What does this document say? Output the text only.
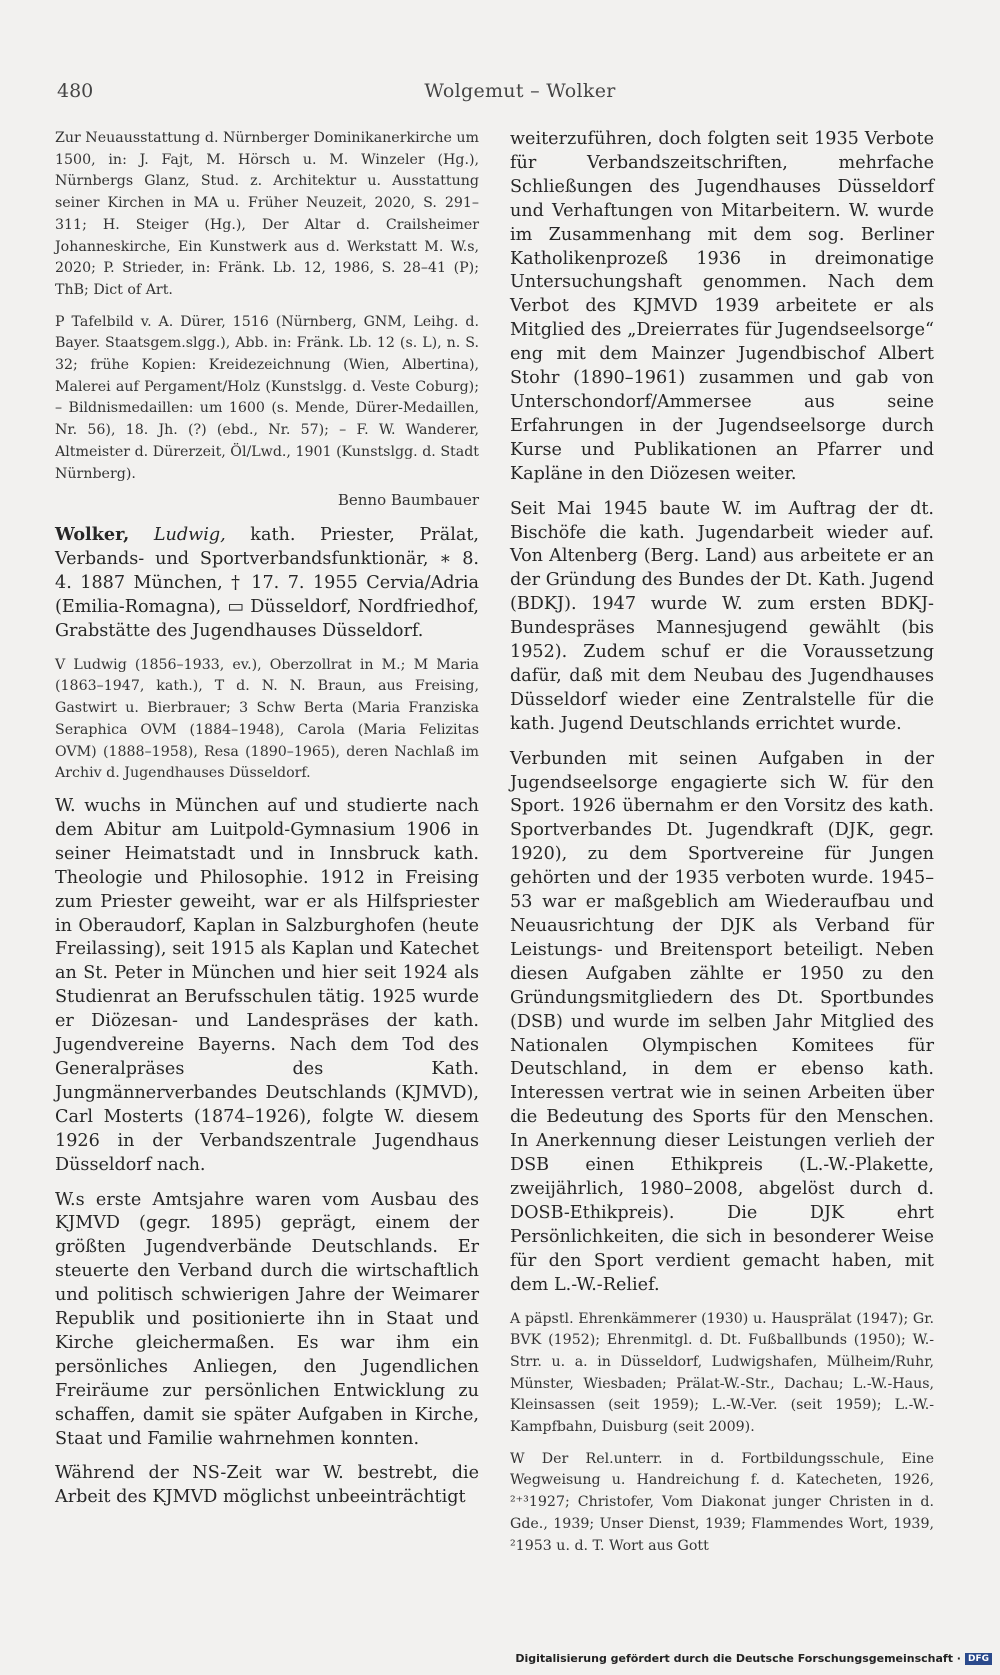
480	Wolgemut – Wolker

Zur Neuausstattung d. Nürnberger Dominikanerkirche um 1500, in: J. Fajt, M. Hörsch u. M. Winzeler (Hg.), Nürnbergs Glanz, Stud. z. Architektur u. Ausstattung seiner Kirchen in MA u. Früher Neuzeit, 2020, S. 291–311; H. Steiger (Hg.), Der Altar d. Crailsheimer Johanneskirche, Ein Kunstwerk aus d. Werkstatt M. W.s, 2020; P. Strieder, in: Fränk. Lb. 12, 1986, S. 28–41 (P); ThB; Dict of Art.

P Tafelbild v. A. Dürer, 1516 (Nürnberg, GNM, Leihg. d. Bayer. Staatsgem.slgg.), Abb. in: Fränk. Lb. 12 (s. L), n. S. 32; frühe Kopien: Kreidezeichnung (Wien, Albertina), Malerei auf Pergament/Holz (Kunstslgg. d. Veste Coburg); – Bildnismedaillen: um 1600 (s. Mende, Dürer-Medaillen, Nr. 56), 18. Jh. (?) (ebd., Nr. 57); – F. W. Wanderer, Altmeister d. Dürerzeit, Öl/Lwd., 1901 (Kunstslgg. d. Stadt Nürnberg).

Benno Baumbauer

Wolker, Ludwig, kath. Priester, Prälat, Verbands- und Sportverbandsfunktionär, ∗ 8. 4. 1887 München, † 17. 7. 1955 Cervia/Adria (Emilia-Romagna), ▭ Düsseldorf, Nordfriedhof, Grabstätte des Jugendhauses Düsseldorf.

V Ludwig (1856–1933, ev.), Oberzollrat in M.; M Maria (1863–1947, kath.), T d. N. N. Braun, aus Freising, Gastwirt u. Bierbrauer; 3 Schw Berta (Maria Franziska Seraphica OVM (1884–1948), Carola (Maria Felizitas OVM) (1888–1958), Resa (1890–1965), deren Nachlaß im Archiv d. Jugendhauses Düsseldorf.

W. wuchs in München auf und studierte nach dem Abitur am Luitpold-Gymnasium 1906 in seiner Heimatstadt und in Innsbruck kath. Theologie und Philosophie. 1912 in Freising zum Priester geweiht, war er als Hilfspriester in Oberaudorf, Kaplan in Salzburghofen (heute Freilassing), seit 1915 als Kaplan und Katechet an St. Peter in München und hier seit 1924 als Studienrat an Berufsschulen tätig. 1925 wurde er Diözesan- und Landespräses der kath. Jugendvereine Bayerns. Nach dem Tod des Generalpräses des Kath. Jungmännerverbandes Deutschlands (KJMVD), Carl Mosterts (1874–1926), folgte W. diesem 1926 in der Verbandszentrale Jugendhaus Düsseldorf nach.

W.s erste Amtsjahre waren vom Ausbau des KJMVD (gegr. 1895) geprägt, einem der größten Jugendverbände Deutschlands. Er steuerte den Verband durch die wirtschaftlich und politisch schwierigen Jahre der Weimarer Republik und positionierte ihn in Staat und Kirche gleichermaßen. Es war ihm ein persönliches Anliegen, den Jugendlichen Freiräume zur persönlichen Entwicklung zu schaffen, damit sie später Aufgaben in Kirche, Staat und Familie wahrnehmen konnten.

Während der NS-Zeit war W. bestrebt, die Arbeit des KJMVD möglichst unbeeinträchtigt

weiterzuführen, doch folgten seit 1935 Verbote für Verbandszeitschriften, mehrfache Schließungen des Jugendhauses Düsseldorf und Verhaftungen von Mitarbeitern. W. wurde im Zusammenhang mit dem sog. Berliner Katholikenprozeß 1936 in dreimonatige Untersuchungshaft genommen. Nach dem Verbot des KJMVD 1939 arbeitete er als Mitglied des „Dreierrates für Jugendseelsorge“ eng mit dem Mainzer Jugendbischof Albert Stohr (1890–1961) zusammen und gab von Unterschondorf/Ammersee aus seine Erfahrungen in der Jugendseelsorge durch Kurse und Publikationen an Pfarrer und Kapläne in den Diözesen weiter.

Seit Mai 1945 baute W. im Auftrag der dt. Bischöfe die kath. Jugendarbeit wieder auf. Von Altenberg (Berg. Land) aus arbeitete er an der Gründung des Bundes der Dt. Kath. Jugend (BDKJ). 1947 wurde W. zum ersten BDKJ-Bundespräses Mannesjugend gewählt (bis 1952). Zudem schuf er die Voraussetzung dafür, daß mit dem Neubau des Jugendhauses Düsseldorf wieder eine Zentralstelle für die kath. Jugend Deutschlands errichtet wurde.

Verbunden mit seinen Aufgaben in der Jugendseelsorge engagierte sich W. für den Sport. 1926 übernahm er den Vorsitz des kath. Sportverbandes Dt. Jugendkraft (DJK, gegr. 1920), zu dem Sportvereine für Jungen gehörten und der 1935 verboten wurde. 1945–53 war er maßgeblich am Wiederaufbau und Neuausrichtung der DJK als Verband für Leistungs- und Breitensport beteiligt. Neben diesen Aufgaben zählte er 1950 zu den Gründungsmitgliedern des Dt. Sportbundes (DSB) und wurde im selben Jahr Mitglied des Nationalen Olympischen Komitees für Deutschland, in dem er ebenso kath. Interessen vertrat wie in seinen Arbeiten über die Bedeutung des Sports für den Menschen. In Anerkennung dieser Leistungen verlieh der DSB einen Ethikpreis (L.-W.-Plakette, zweijährlich, 1980–2008, abgelöst durch d. DOSB-Ethikpreis). Die DJK ehrt Persönlichkeiten, die sich in besonderer Weise für den Sport verdient gemacht haben, mit dem L.-W.-Relief.

A päpstl. Ehrenkämmerer (1930) u. Hausprälat (1947); Gr. BVK (1952); Ehrenmitgl. d. Dt. Fußballbunds (1950); W.-Strr. u. a. in Düsseldorf, Ludwigshafen, Mülheim/Ruhr, Münster, Wiesbaden; Prälat-W.-Str., Dachau; L.-W.-Haus, Kleinsassen (seit 1959); L.-W.-Ver. (seit 1959); L.-W.-Kampfbahn, Duisburg (seit 2009).

W Der Rel.unterr. in d. Fortbildungsschule, Eine Wegweisung u. Handreichung f. d. Katecheten, 1926, ²⁺³1927; Christofer, Vom Diakonat junger Christen in d. Gde., 1939; Unser Dienst, 1939; Flammendes Wort, 1939, ²1953 u. d. T. Wort aus Gott

Digitalisierung gefördert durch die Deutsche Forschungsgemeinschaft · DFG
